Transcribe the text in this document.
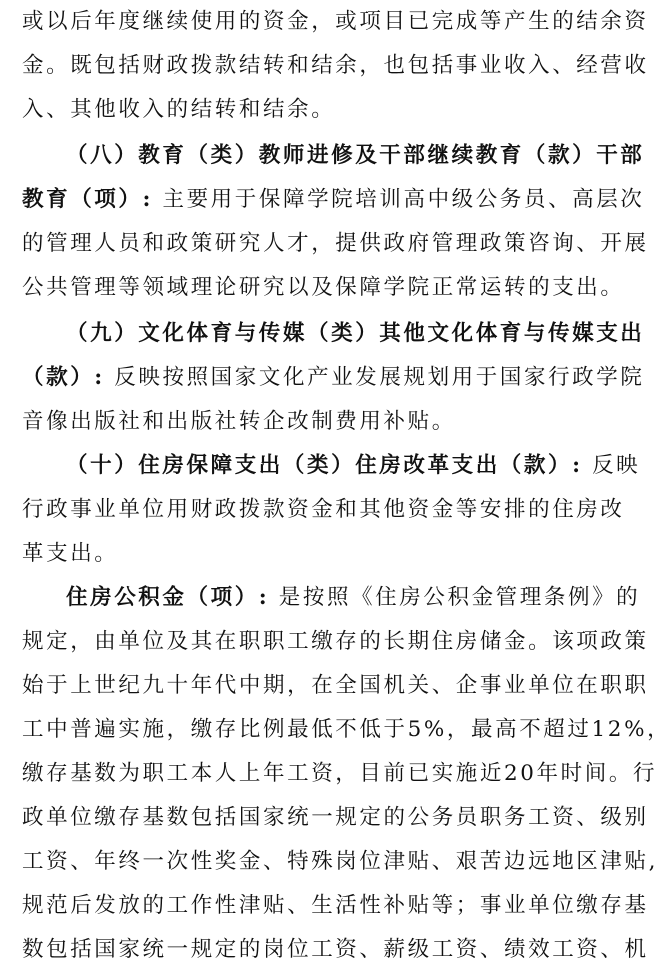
或以后年度继续使用的资金，或项目已完成等产生的结余资
金。既包括财政拨款结转和结余，也包括事业收入、经营收
入、其他收入的结转和结余。
（八）教育（类）教师进修及干部继续教育（款）干部
教育（项）: 主要用于保障学院培训高中级公务员、高层次
的管理人员和政策研究人才，提供政府管理政策咨询、开展
公共管理等领域理论研究以及保障学院正常运转的支出。
（九）文化体育与传媒（类）其他文化体育与传媒支出
（款）: 反映按照国家文化产业发展规划用于国家行政学院
音像出版社和出版社转企改制费用补贴。
（十）住房保障支出（类）住房改革支出（款）: 反映
行政事业单位用财政拨款资金和其他资金等安排的住房改
革支出。
住房公积金（项）: 是按照《住房公积金管理条例》的
规定，由单位及其在职职工缴存的长期住房储金。该项政策
始于上世纪九十年代中期，在全国机关、企事业单位在职职
工中普遍实施，缴存比例最低不低于5%，最高不超过12%，
缴存基数为职工本人上年工资，目前已实施近20年时间。行
政单位缴存基数包括国家统一规定的公务员职务工资、级别
工资、年终一次性奖金、特殊岗位津贴、艰苦边远地区津贴,
规范后发放的工作性津贴、生活性补贴等；事业单位缴存基
数包括国家统一规定的岗位工资、薪级工资、绩效工资、机
